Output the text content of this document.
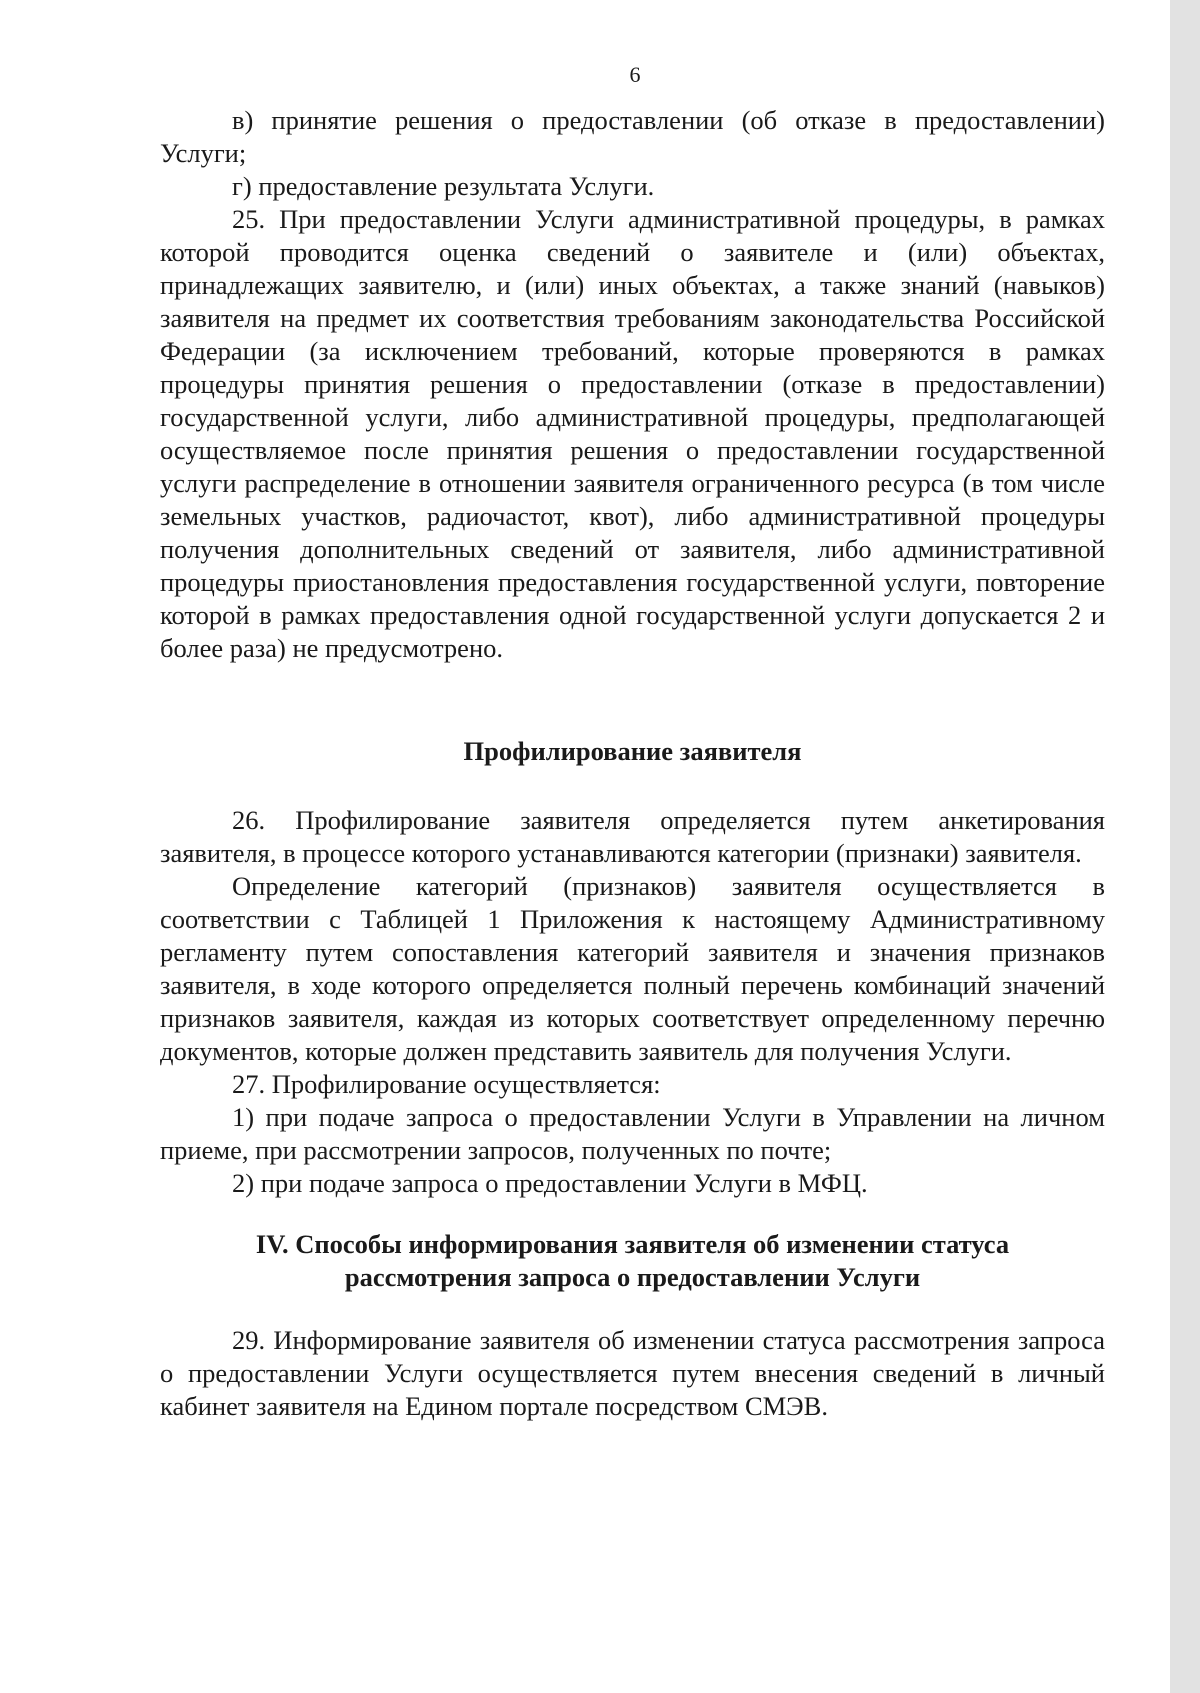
6

в) принятие решения о предоставлении (об отказе в предоставлении) Услуги;

г) предоставление результата Услуги.

25. При предоставлении Услуги административной процедуры, в рамках которой проводится оценка сведений о заявителе и (или) объектах, принадлежащих заявителю, и (или) иных объектах, а также знаний (навыков) заявителя на предмет их соответствия требованиям законодательства Российской Федерации (за исключением требований, которые проверяются в рамках процедуры принятия решения о предоставлении (отказе в предоставлении) государственной услуги, либо административной процедуры, предполагающей осуществляемое после принятия решения о предоставлении государственной услуги распределение в отношении заявителя ограниченного ресурса (в том числе земельных участков, радиочастот, квот), либо административной процедуры получения дополнительных сведений от заявителя, либо административной процедуры приостановления предоставления государственной услуги, повторение которой в рамках предоставления одной государственной услуги допускается 2 и более раза) не предусмотрено.

Профилирование заявителя

26. Профилирование заявителя определяется путем анкетирования заявителя, в процессе которого устанавливаются категории (признаки) заявителя.

Определение категорий (признаков) заявителя осуществляется в соответствии с Таблицей 1 Приложения к настоящему Административному регламенту путем сопоставления категорий заявителя и значения признаков заявителя, в ходе которого определяется полный перечень комбинаций значений признаков заявителя, каждая из которых соответствует определенному перечню документов, которые должен представить заявитель для получения Услуги.

27. Профилирование осуществляется:

1) при подаче запроса о предоставлении Услуги в Управлении на личном приеме, при рассмотрении запросов, полученных по почте;

2) при подаче запроса о предоставлении Услуги в МФЦ.

IV. Способы информирования заявителя об изменении статуса
рассмотрения запроса о предоставлении Услуги

29. Информирование заявителя об изменении статуса рассмотрения запроса о предоставлении Услуги осуществляется путем внесения сведений в личный кабинет заявителя на Едином портале посредством СМЭВ.
